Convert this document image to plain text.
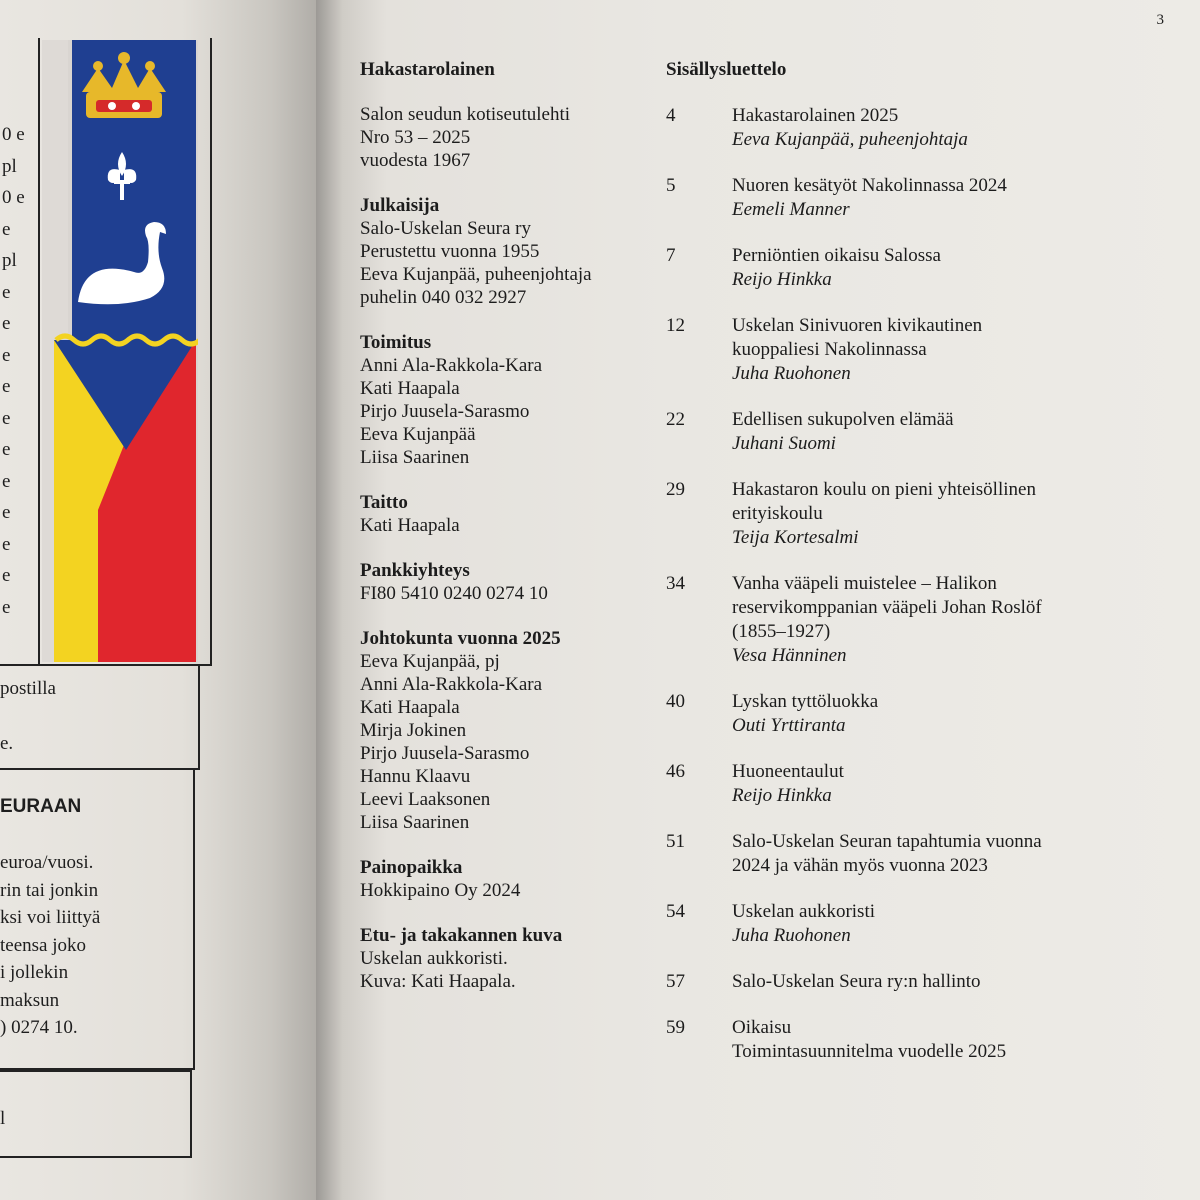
0 e
pl
0 e
e
pl
e
e
e
e
e
e
e
e
e
e
e
postilla
e.
EURAAN
euroa/vuosi.
rin tai jonkin
ksi voi liittyä
teensa joko
i jollekin
maksun
) 0274 10.
l
3
Hakastarolainen
Salon seudun kotiseutulehti
Nro 53 – 2025
vuodesta 1967
Julkaisija
Salo-Uskelan Seura ry
Perustettu vuonna 1955
Eeva Kujanpää, puheenjohtaja
puhelin 040 032 2927
Toimitus
Anni Ala-Rakkola-Kara
Kati Haapala
Pirjo Juusela-Sarasmo
Eeva Kujanpää
Liisa Saarinen
Taitto
Kati Haapala
Pankkiyhteys
FI80 5410 0240 0274 10
Johtokunta vuonna 2025
Eeva Kujanpää, pj
Anni Ala-Rakkola-Kara
Kati Haapala
Mirja Jokinen
Pirjo Juusela-Sarasmo
Hannu Klaavu
Leevi Laaksonen
Liisa Saarinen
Painopaikka
Hokkipaino Oy 2024
Etu- ja takakannen kuva
Uskelan aukkoristi.
Kuva: Kati Haapala.
Sisällysluettelo
4	Hakastarolainen 2025
Eeva Kujanpää, puheenjohtaja
5	Nuoren kesätyöt Nakolinnassa 2024
Eemeli Manner
7	Perniöntien oikaisu Salossa
Reijo Hinkka
12	Uskelan Sinivuoren kivikautinen
kuoppaliesi Nakolinnassa
Juha Ruohonen
22	Edellisen sukupolven elämää
Juhani Suomi
29	Hakastaron koulu on pieni yhteisöllinen
erityiskoulu
Teija Kortesalmi
34	Vanha vääpeli muistelee – Halikon
reservikomppanian vääpeli Johan Roslöf
(1855–1927)
Vesa Hänninen
40	Lyskan tyttöluokka
Outi Yrttiranta
46	Huoneentaulut
Reijo Hinkka
51	Salo-Uskelan Seuran tapahtumia vuonna
2024 ja vähän myös vuonna 2023
54	Uskelan aukkoristi
Juha Ruohonen
57	Salo-Uskelan Seura ry:n hallinto
59	Oikaisu
Toimintasuunnitelma vuodelle 2025
